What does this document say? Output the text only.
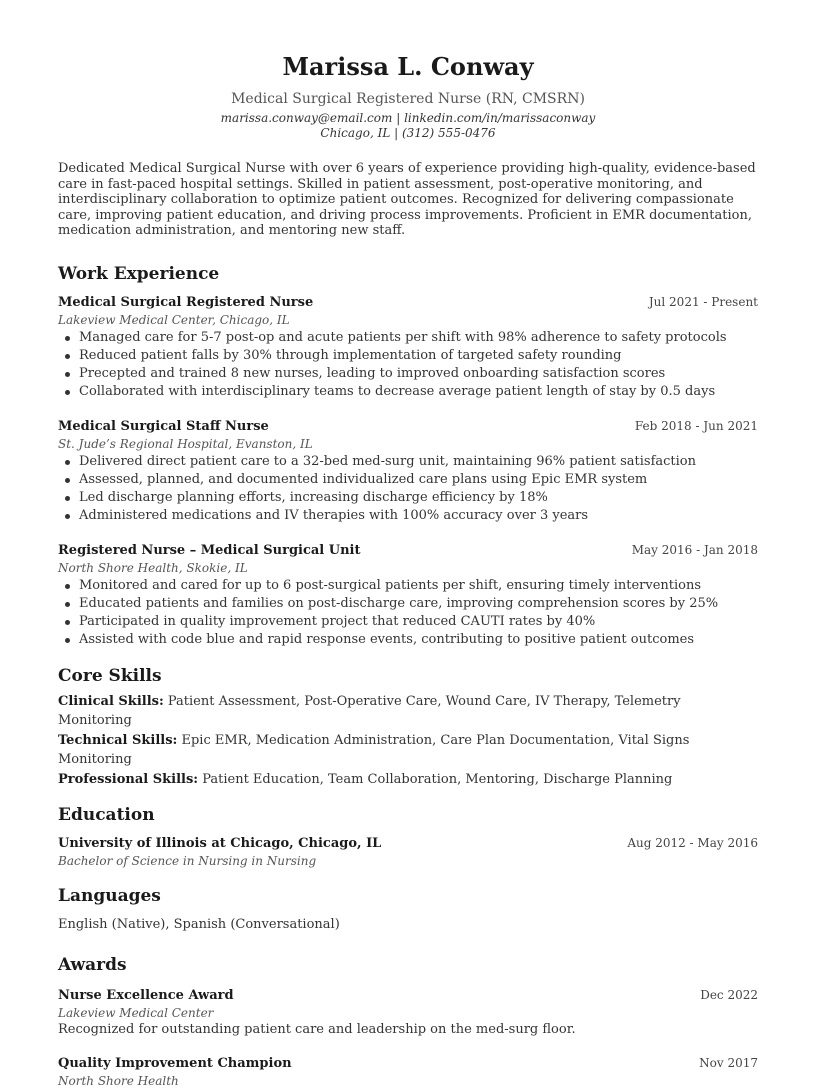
Marissa L. Conway
Medical Surgical Registered Nurse (RN, CMSRN)
marissa.conway@email.com | linkedin.com/in/marissaconway
Chicago, IL | (312) 555-0476
Dedicated Medical Surgical Nurse with over 6 years of experience providing high-quality, evidence-based care in fast-paced hospital settings. Skilled in patient assessment, post-operative monitoring, and interdisciplinary collaboration to optimize patient outcomes. Recognized for delivering compassionate care, improving patient education, and driving process improvements. Proficient in EMR documentation, medication administration, and mentoring new staff.
Work Experience
Medical Surgical Registered Nurse	Jul 2021 - Present
Lakeview Medical Center, Chicago, IL
Managed care for 5-7 post-op and acute patients per shift with 98% adherence to safety protocols
Reduced patient falls by 30% through implementation of targeted safety rounding
Precepted and trained 8 new nurses, leading to improved onboarding satisfaction scores
Collaborated with interdisciplinary teams to decrease average patient length of stay by 0.5 days
Medical Surgical Staff Nurse	Feb 2018 - Jun 2021
St. Jude’s Regional Hospital, Evanston, IL
Delivered direct patient care to a 32-bed med-surg unit, maintaining 96% patient satisfaction
Assessed, planned, and documented individualized care plans using Epic EMR system
Led discharge planning efforts, increasing discharge efficiency by 18%
Administered medications and IV therapies with 100% accuracy over 3 years
Registered Nurse – Medical Surgical Unit	May 2016 - Jan 2018
North Shore Health, Skokie, IL
Monitored and cared for up to 6 post-surgical patients per shift, ensuring timely interventions
Educated patients and families on post-discharge care, improving comprehension scores by 25%
Participated in quality improvement project that reduced CAUTI rates by 40%
Assisted with code blue and rapid response events, contributing to positive patient outcomes
Core Skills
Clinical Skills: Patient Assessment, Post-Operative Care, Wound Care, IV Therapy, Telemetry Monitoring
Technical Skills: Epic EMR, Medication Administration, Care Plan Documentation, Vital Signs Monitoring
Professional Skills: Patient Education, Team Collaboration, Mentoring, Discharge Planning
Education
University of Illinois at Chicago, Chicago, IL	Aug 2012 - May 2016
Bachelor of Science in Nursing in Nursing
Languages
English (Native), Spanish (Conversational)
Awards
Nurse Excellence Award	Dec 2022
Lakeview Medical Center
Recognized for outstanding patient care and leadership on the med-surg floor.
Quality Improvement Champion	Nov 2017
North Shore Health
